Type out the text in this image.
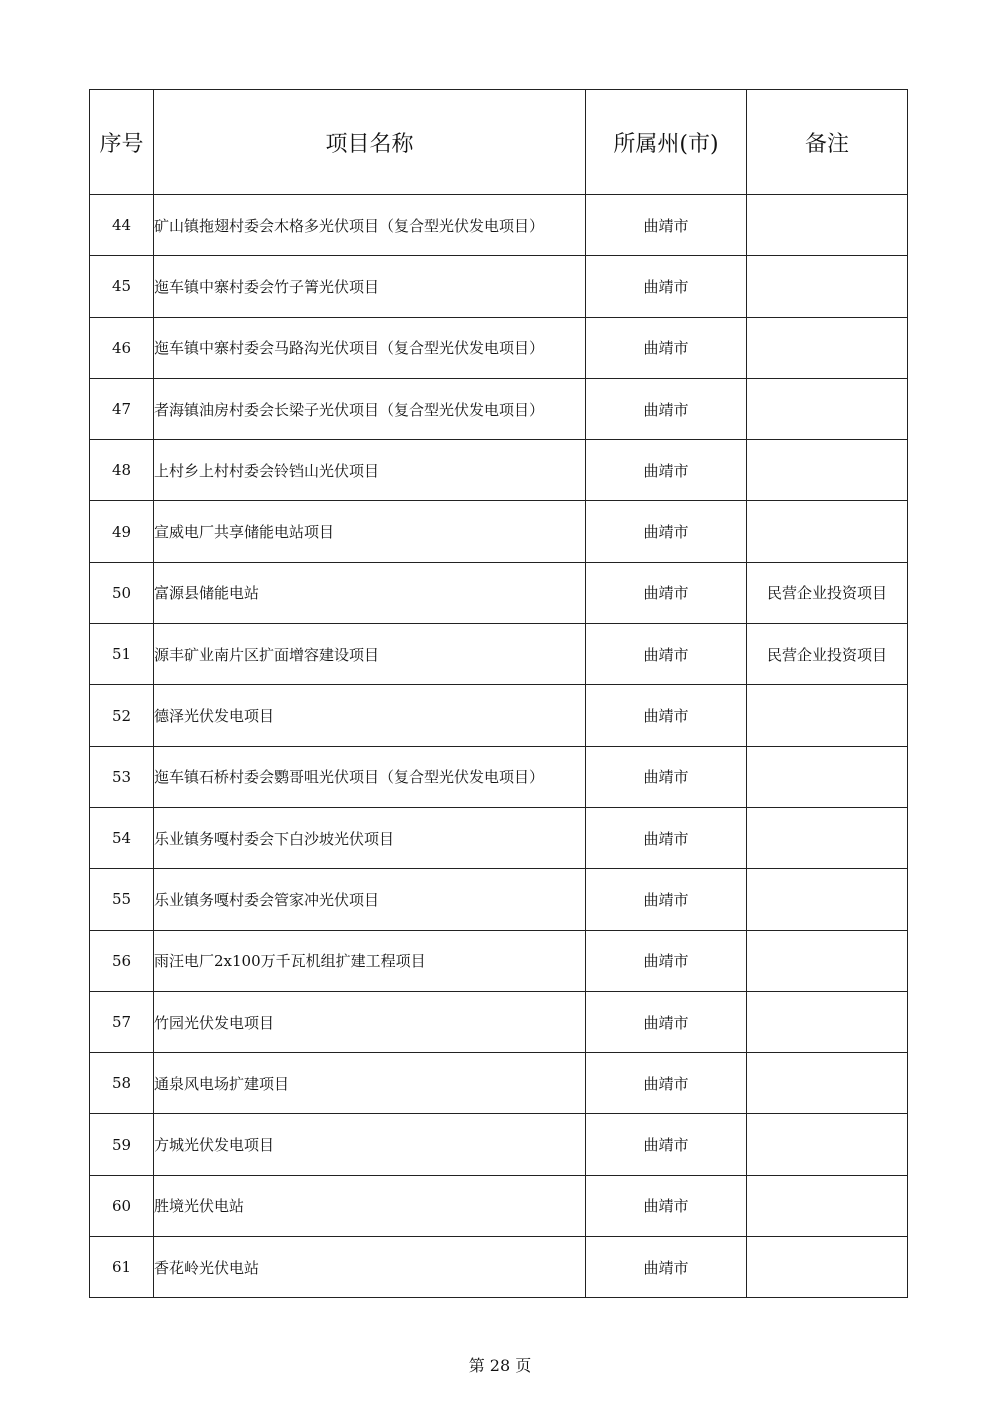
序号	项目名称	所属州(市)	备注
44	矿山镇拖翅村委会木格多光伏项目（复合型光伏发电项目）	曲靖市	
45	迤车镇中寨村委会竹子箐光伏项目	曲靖市	
46	迤车镇中寨村委会马路沟光伏项目（复合型光伏发电项目）	曲靖市	
47	者海镇油房村委会长梁子光伏项目（复合型光伏发电项目）	曲靖市	
48	上村乡上村村委会铃铛山光伏项目	曲靖市	
49	宣威电厂共享储能电站项目	曲靖市	
50	富源县储能电站	曲靖市	民营企业投资项目
51	源丰矿业南片区扩面增容建设项目	曲靖市	民营企业投资项目
52	德泽光伏发电项目	曲靖市	
53	迤车镇石桥村委会鹦哥咀光伏项目（复合型光伏发电项目）	曲靖市	
54	乐业镇务嘎村委会下白沙坡光伏项目	曲靖市	
55	乐业镇务嘎村委会管家冲光伏项目	曲靖市	
56	雨汪电厂2x100万千瓦机组扩建工程项目	曲靖市	
57	竹园光伏发电项目	曲靖市	
58	通泉风电场扩建项目	曲靖市	
59	方城光伏发电项目	曲靖市	
60	胜境光伏电站	曲靖市	
61	香花岭光伏电站	曲靖市	
第 28 页
